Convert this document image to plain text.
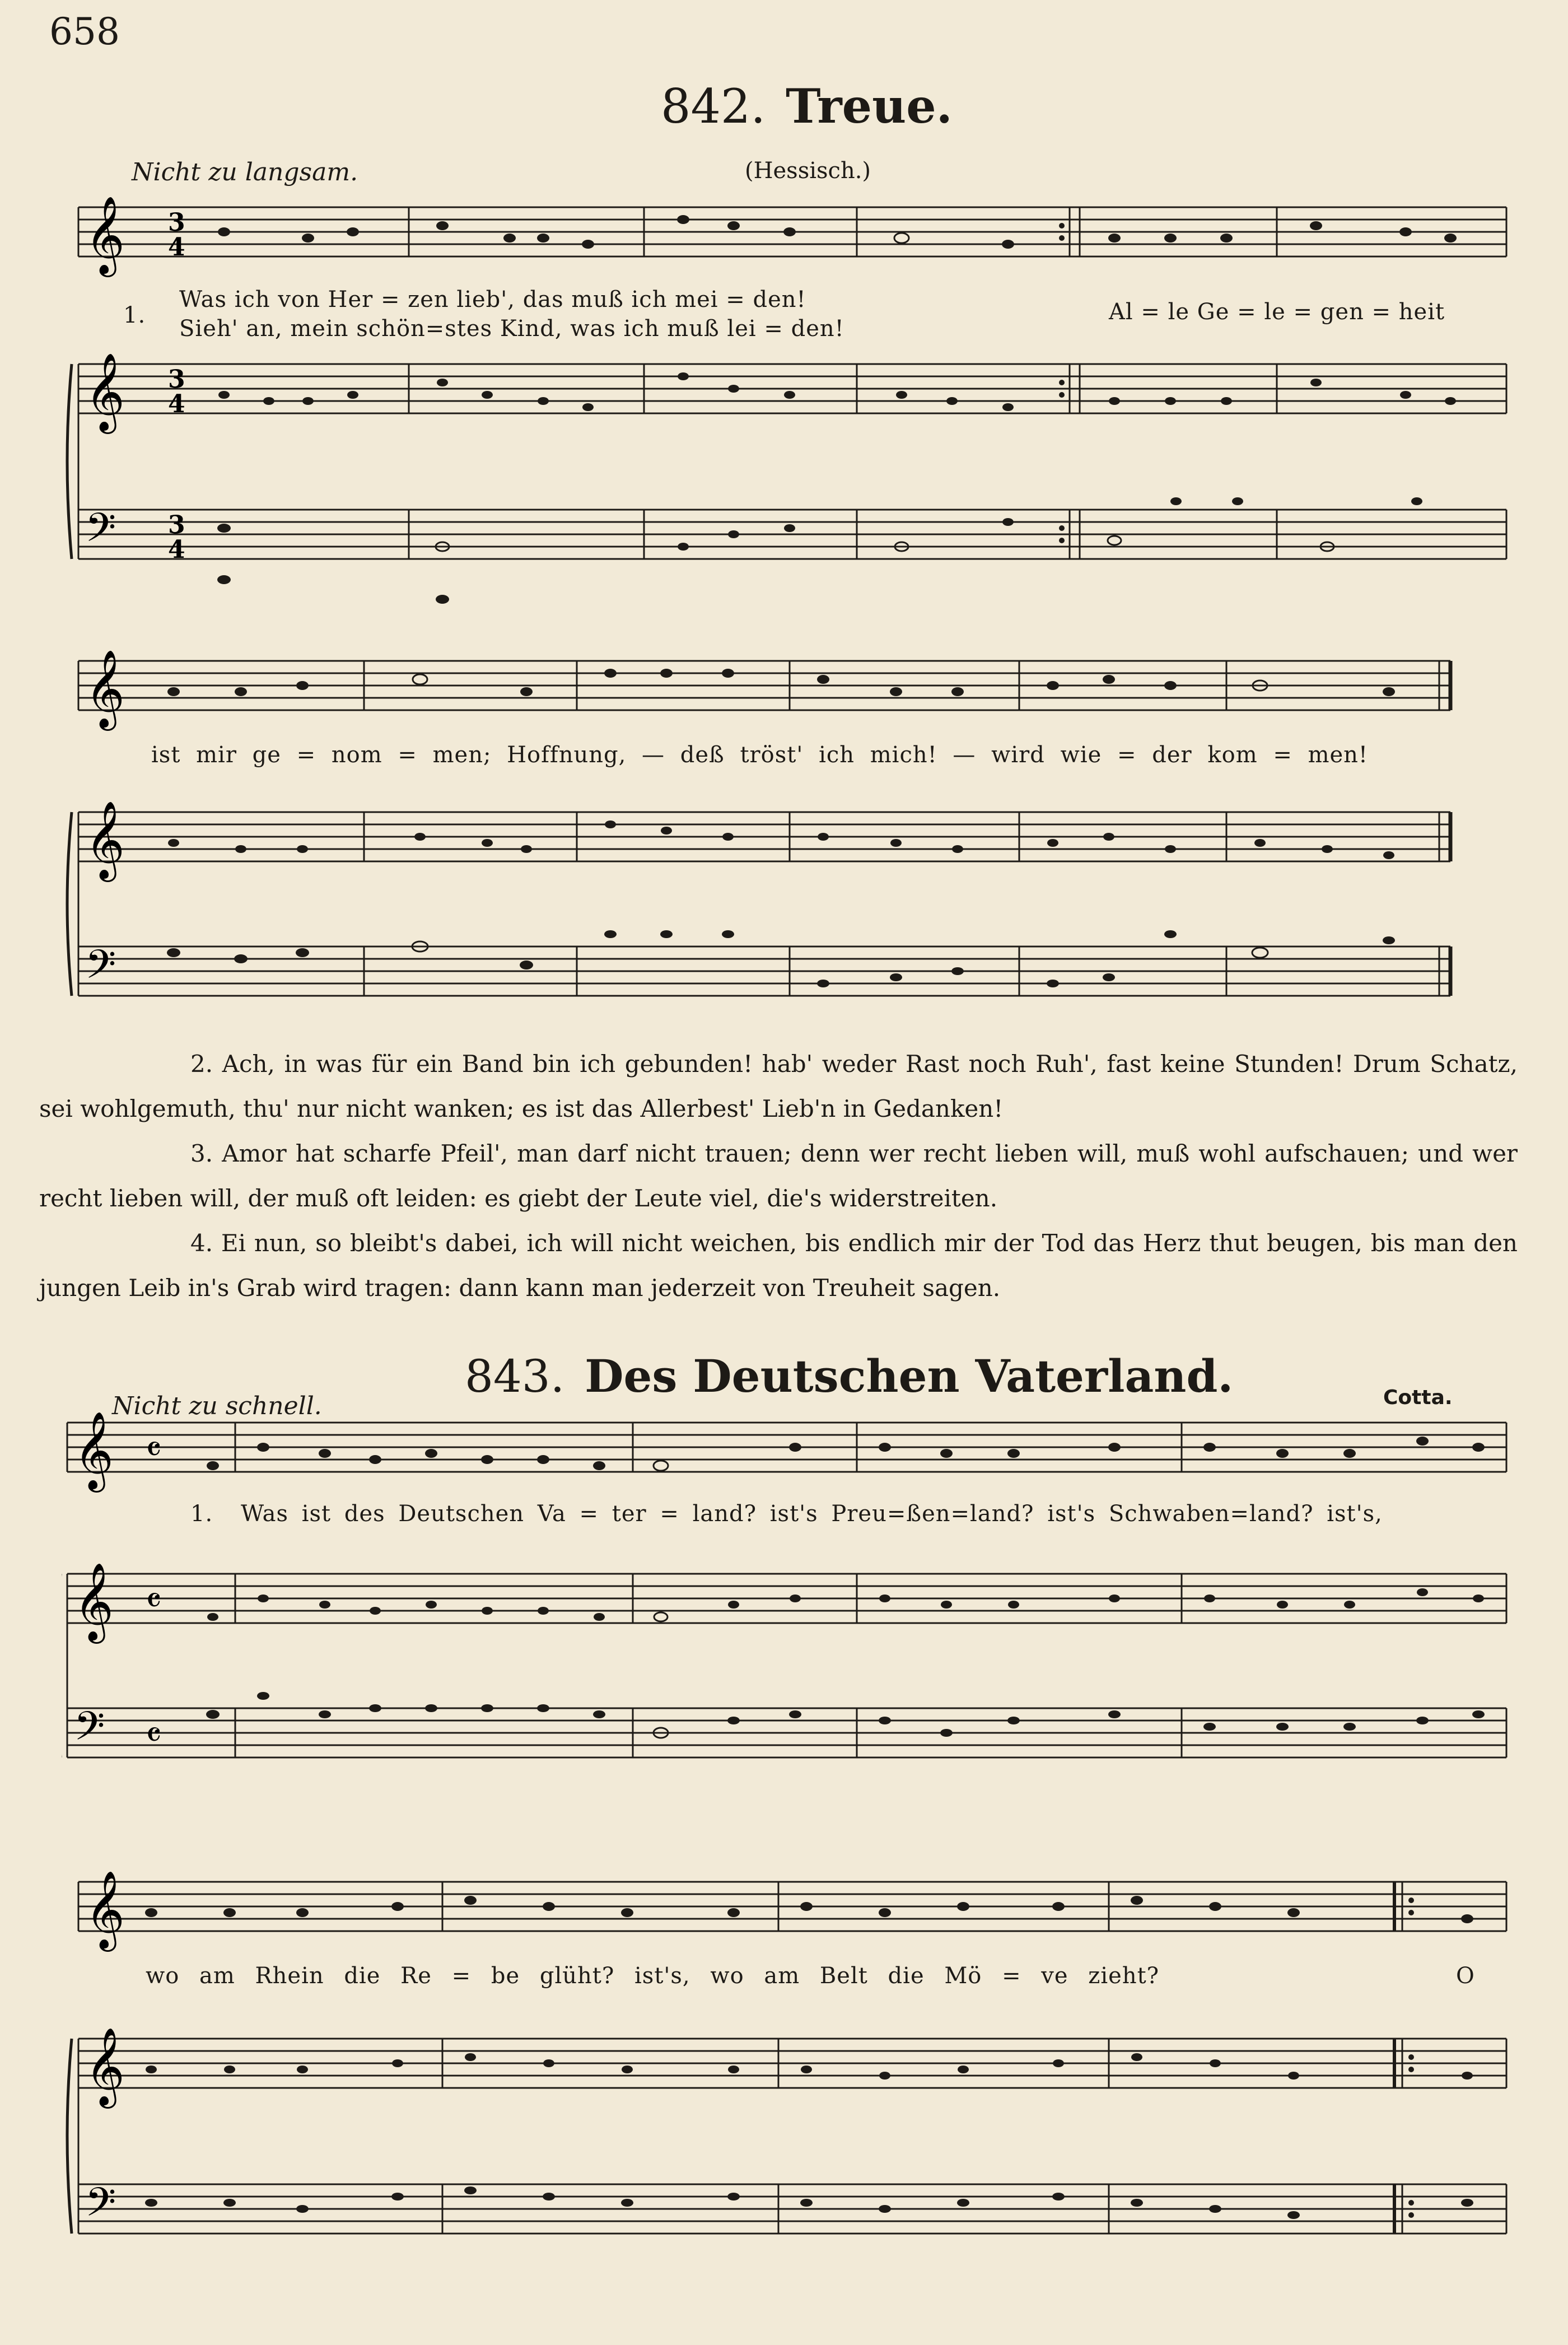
658
842. Treue.
Nicht zu langsam.	(Hessisch.)
𝄞
𝄞
𝄢
3
4
3
4
3
4
1.
Was ich von Her = zen lieb', das muß ich mei = den!
Sieh' an, mein schön=stes Kind, was ich muß lei = den!
Al = le Ge = le = gen = heit
𝄞
𝄞
𝄢
ist mir ge = nom = men; Hoffnung, — deß tröst' ich mich! — wird wie = der kom = men!

2. Ach, in was für ein Band bin ich gebunden! hab' weder Rast noch Ruh', fast keine Stunden! Drum Schatz, sei wohlgemuth, thu' nur nicht wanken; es ist das Allerbest' Lieb'n in Gedanken!

3. Amor hat scharfe Pfeil', man darf nicht trauen; denn wer recht lieben will, muß wohl aufschauen; und wer recht lieben will, der muß oft leiden: es giebt der Leute viel, die's widerstreiten.

4. Ei nun, so bleibt's dabei, ich will nicht weichen, bis endlich mir der Tod das Herz thut beugen, bis man den jungen Leib in's Grab wird tragen: dann kann man jederzeit von Treuheit sagen.

843. Des Deutschen Vaterland.
Nicht zu schnell.	Cotta.
𝄞
𝄞
𝄢
𝄴
𝄴
𝄴
1. Was ist des Deutschen Va = ter = land? ist's Preu=ßen=land? ist's Schwaben=land? ist's,
𝄞
𝄞
𝄢
wo am Rhein die Re = be glüht? ist's, wo am Belt die Mö = ve zieht?	O
